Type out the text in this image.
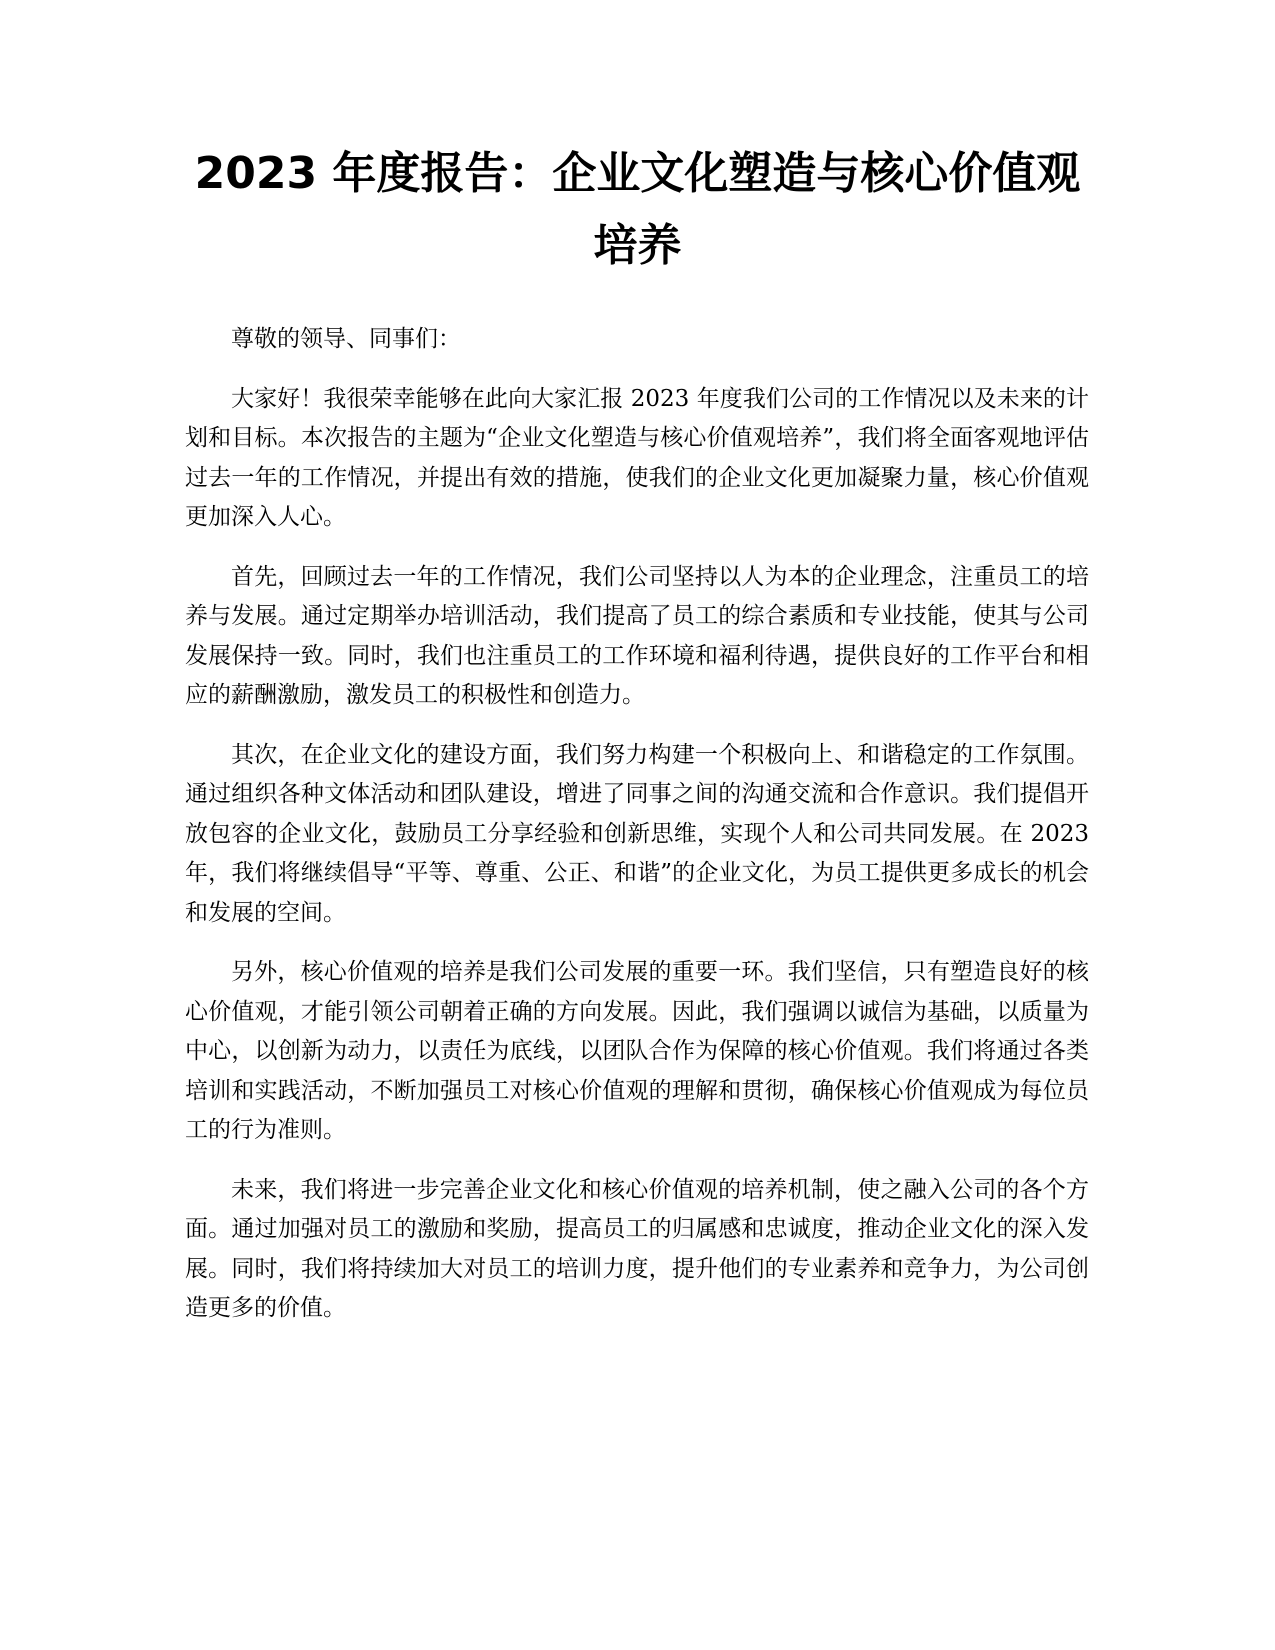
2023 年度报告：企业文化塑造与核心价值观培养

尊敬的领导、同事们：

大家好！我很荣幸能够在此向大家汇报 2023 年度我们公司的工作情况以及未来的计划和目标。本次报告的主题为“企业文化塑造与核心价值观培养”，我们将全面客观地评估过去一年的工作情况，并提出有效的措施，使我们的企业文化更加凝聚力量，核心价值观更加深入人心。

首先，回顾过去一年的工作情况，我们公司坚持以人为本的企业理念，注重员工的培养与发展。通过定期举办培训活动，我们提高了员工的综合素质和专业技能，使其与公司发展保持一致。同时，我们也注重员工的工作环境和福利待遇，提供良好的工作平台和相应的薪酬激励，激发员工的积极性和创造力。

其次，在企业文化的建设方面，我们努力构建一个积极向上、和谐稳定的工作氛围。通过组织各种文体活动和团队建设，增进了同事之间的沟通交流和合作意识。我们提倡开放包容的企业文化，鼓励员工分享经验和创新思维，实现个人和公司共同发展。在 2023 年，我们将继续倡导“平等、尊重、公正、和谐”的企业文化，为员工提供更多成长的机会和发展的空间。

另外，核心价值观的培养是我们公司发展的重要一环。我们坚信，只有塑造良好的核心价值观，才能引领公司朝着正确的方向发展。因此，我们强调以诚信为基础，以质量为中心，以创新为动力，以责任为底线，以团队合作为保障的核心价值观。我们将通过各类培训和实践活动，不断加强员工对核心价值观的理解和贯彻，确保核心价值观成为每位员工的行为准则。

未来，我们将进一步完善企业文化和核心价值观的培养机制，使之融入公司的各个方面。通过加强对员工的激励和奖励，提高员工的归属感和忠诚度，推动企业文化的深入发展。同时，我们将持续加大对员工的培训力度，提升他们的专业素养和竞争力，为公司创造更多的价值。
